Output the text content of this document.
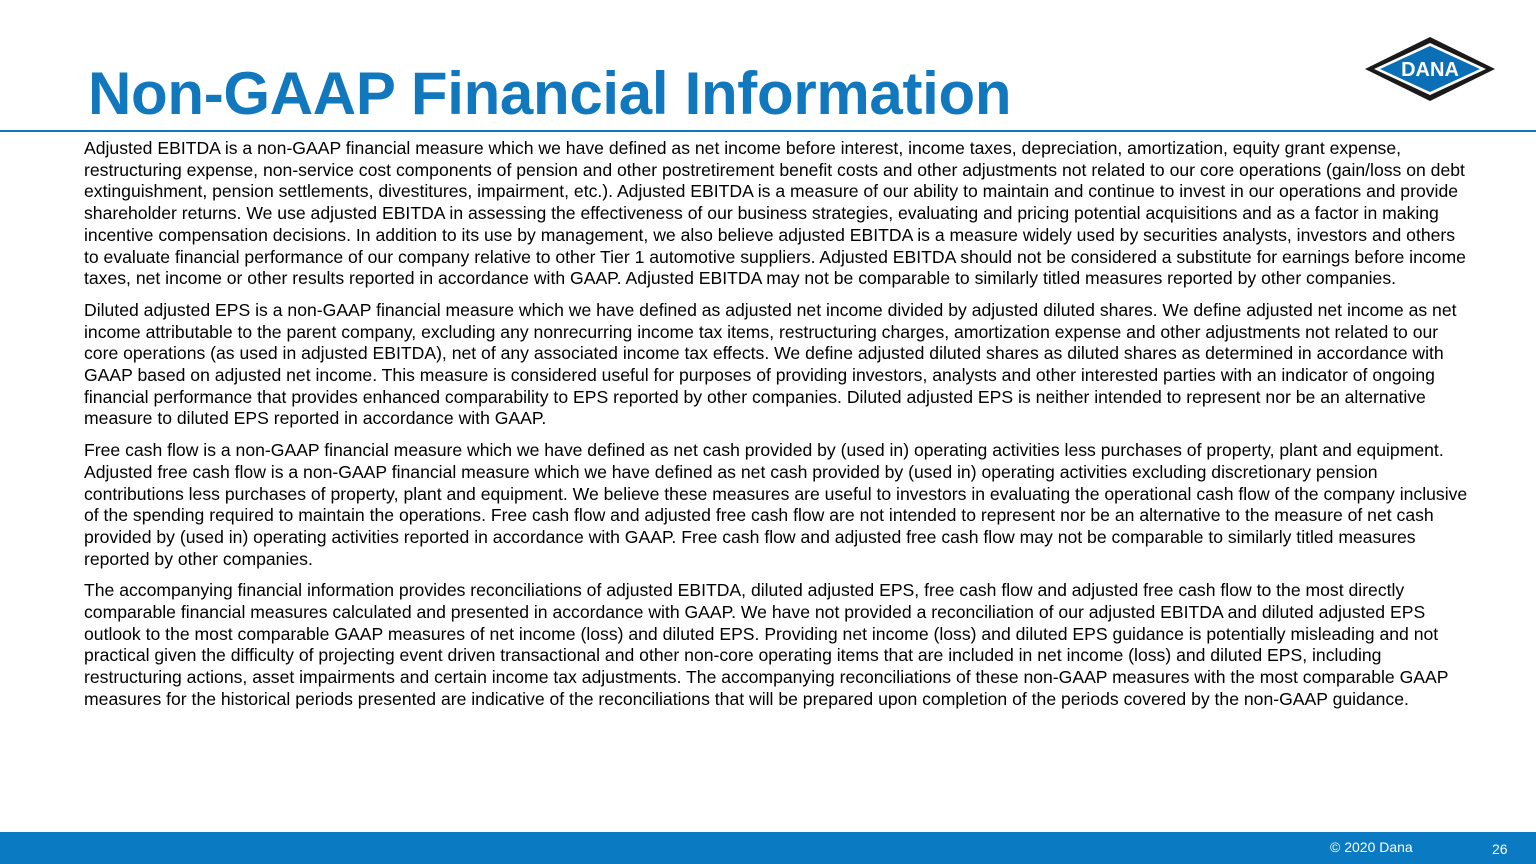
Non-GAAP Financial Information	DANA

Adjusted EBITDA is a non-GAAP financial measure which we have defined as net income before interest, income taxes, depreciation, amortization, equity grant expense, restructuring expense, non-service cost components of pension and other postretirement benefit costs and other adjustments not related to our core operations (gain/loss on debt extinguishment, pension settlements, divestitures, impairment, etc.). Adjusted EBITDA is a measure of our ability to maintain and continue to invest in our operations and provide shareholder returns. We use adjusted EBITDA in assessing the effectiveness of our business strategies, evaluating and pricing potential acquisitions and as a factor in making incentive compensation decisions. In addition to its use by management, we also believe adjusted EBITDA is a measure widely used by securities analysts, investors and others to evaluate financial performance of our company relative to other Tier 1 automotive suppliers. Adjusted EBITDA should not be considered a substitute for earnings before income taxes, net income or other results reported in accordance with GAAP. Adjusted EBITDA may not be comparable to similarly titled measures reported by other companies.

Diluted adjusted EPS is a non-GAAP financial measure which we have defined as adjusted net income divided by adjusted diluted shares. We define adjusted net income as net income attributable to the parent company, excluding any nonrecurring income tax items, restructuring charges, amortization expense and other adjustments not related to our core operations (as used in adjusted EBITDA), net of any associated income tax effects. We define adjusted diluted shares as diluted shares as determined in accordance with GAAP based on adjusted net income. This measure is considered useful for purposes of providing investors, analysts and other interested parties with an indicator of ongoing financial performance that provides enhanced comparability to EPS reported by other companies. Diluted adjusted EPS is neither intended to represent nor be an alternative measure to diluted EPS reported in accordance with GAAP.

Free cash flow is a non-GAAP financial measure which we have defined as net cash provided by (used in) operating activities less purchases of property, plant and equipment. Adjusted free cash flow is a non-GAAP financial measure which we have defined as net cash provided by (used in) operating activities excluding discretionary pension contributions less purchases of property, plant and equipment. We believe these measures are useful to investors in evaluating the operational cash flow of the company inclusive of the spending required to maintain the operations. Free cash flow and adjusted free cash flow are not intended to represent nor be an alternative to the measure of net cash provided by (used in) operating activities reported in accordance with GAAP. Free cash flow and adjusted free cash flow may not be comparable to similarly titled measures reported by other companies.

The accompanying financial information provides reconciliations of adjusted EBITDA, diluted adjusted EPS, free cash flow and adjusted free cash flow to the most directly comparable financial measures calculated and presented in accordance with GAAP. We have not provided a reconciliation of our adjusted EBITDA and diluted adjusted EPS outlook to the most comparable GAAP measures of net income (loss) and diluted EPS. Providing net income (loss) and diluted EPS guidance is potentially misleading and not practical given the difficulty of projecting event driven transactional and other non-core operating items that are included in net income (loss) and diluted EPS, including restructuring actions, asset impairments and certain income tax adjustments. The accompanying reconciliations of these non-GAAP measures with the most comparable GAAP measures for the historical periods presented are indicative of the reconciliations that will be prepared upon completion of the periods covered by the non-GAAP guidance.

© 2020 Dana	26
